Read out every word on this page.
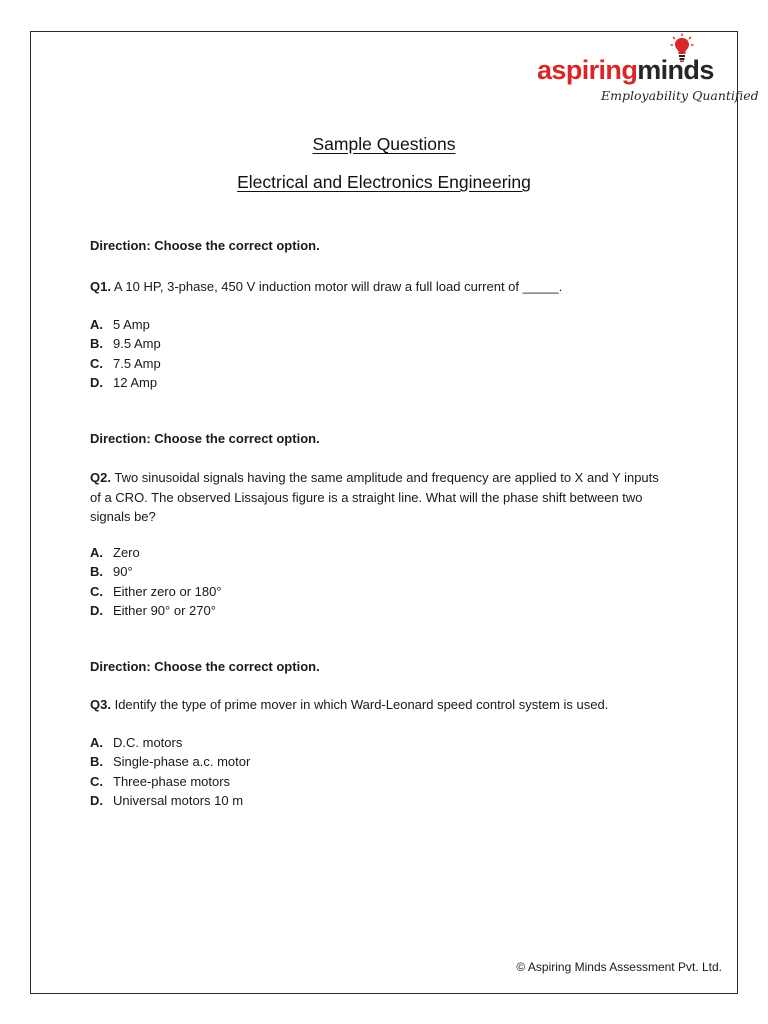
aspiringminds
Employability Quantified
Sample Questions
Electrical and Electronics Engineering
Direction: Choose the correct option.
Q1. A 10 HP, 3-phase, 450 V induction motor will draw a full load current of _____.
A. 5 Amp
B. 9.5 Amp
C. 7.5 Amp
D. 12 Amp
Direction: Choose the correct option.
Q2. Two sinusoidal signals having the same amplitude and frequency are applied to X and Y inputs of a CRO. The observed Lissajous figure is a straight line. What will the phase shift between two signals be?
A. Zero
B. 90°
C. Either zero or 180°
D. Either 90° or 270°
Direction: Choose the correct option.
Q3. Identify the type of prime mover in which Ward-Leonard speed control system is used.
A. D.C. motors
B. Single-phase a.c. motor
C. Three-phase motors
D. Universal motors 10 m
© Aspiring Minds Assessment Pvt. Ltd.
